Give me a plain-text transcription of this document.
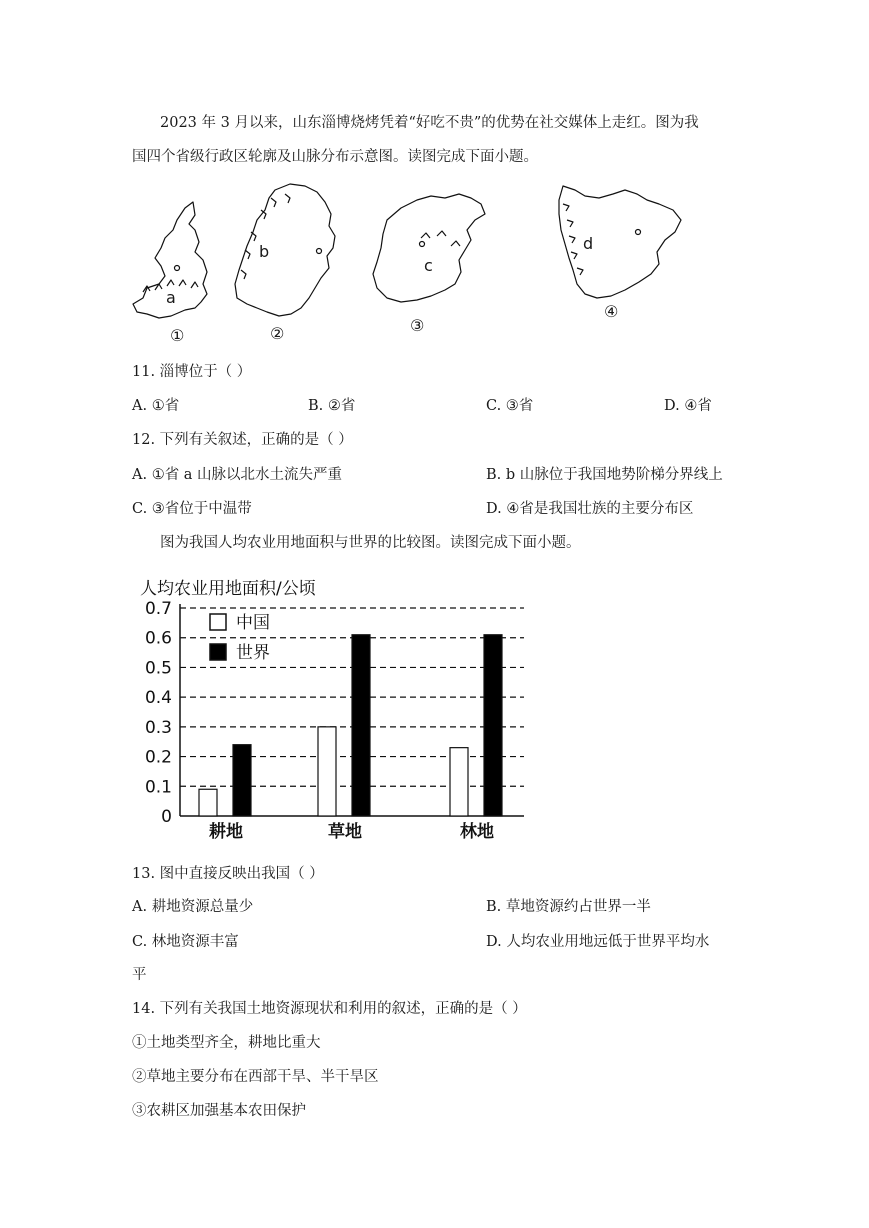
2023 年 3 月以来，山东淄博烧烤凭着“好吃不贵”的优势在社交媒体上走红。图为我
国四个省级行政区轮廓及山脉分布示意图。读图完成下面小题。
a
b
c
d
①	②	③
④
11. 淄博位于（ ）
A. ①省	B. ②省	C. ③省	D. ④省
12. 下列有关叙述，正确的是（ ）
A. ①省 a 山脉以北水土流失严重	B. b 山脉位于我国地势阶梯分界线上
C. ③省位于中温带	D. ④省是我国壮族的主要分布区
图为我国人均农业用地面积与世界的比较图。读图完成下面小题。
人均农业用地面积/公顷
0
0.1
0.2
0.3
0.4
0.5
0.6
0.7
耕地	草地	林地
中国
世界
13. 图中直接反映出我国（ ）
A. 耕地资源总量少	B. 草地资源约占世界一半
C. 林地资源丰富	D. 人均农业用地远低于世界平均水
平
14. 下列有关我国土地资源现状和利用的叙述，正确的是（ ）
①土地类型齐全，耕地比重大
②草地主要分布在西部干旱、半干旱区
③农耕区加强基本农田保护
